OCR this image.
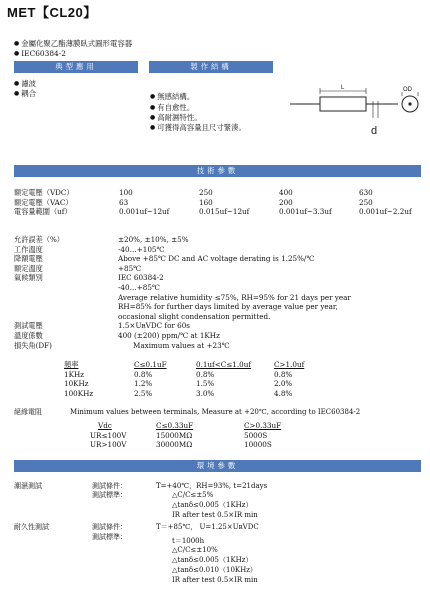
MET【CL20】
● 金屬化聚乙酯薄膜臥式圓形電容器
● IEC60384-2
典型應用	製作結構
● 濾波
● 耦合	● 無感結構。
● 有自愈性。
● 高耐濕特性。
● 可獲得高容量且尺寸緊湊。
L
d
OD
技術參數
額定電壓（VDC）	100	250	400	630
額定電壓（VAC）	63	160	200	250
電容量範圍（uf）	0.001uf~12uf	0.015uf~12uf	0.001uf~3.3uf	0.001uf~2.2uf
允許誤差（%）	±20%, ±10%, ±5%
工作溫度	-40…+105℃
降額電壓	Above +85℃ DC and AC voltage derating is 1.25%/℃
額定溫度	+85℃
氣候類別	IEC 60384-2
	-40…+85℃
	Average relative humidity ≤75%, RH=95% for 21 days per year
	RH=85% for further days limited by average value per year,
	occasional slight condensation permitted.
測試電壓	1.5×UʀVDC for 60s
溫度係數	400 (±200) ppm/℃ at 1KHz
損失角(DF)	Maximum values at +23℃
頻率	C≤0.1uF	0.1uf<C≤1.0uf	C>1.0uf
1KHz	0.8%	0.8%	0.8%
10KHz	1.2%	1.5%	2.0%
100KHz	2.5%	3.0%	4.8%
絕緣電阻	Minimum values between terminals, Measure at +20℃, according to IEC60384-2
Vdc	C≤0.33uF	C>0.33uF
UR≤100V	15000MΩ	5000S
UR>100V	30000MΩ	10000S
環境參數
潮濕測試	測試條件：	T=+40℃，RH=93%, t=21days
測試標準：	△C/C≤±5%
△tanδ≤0.005（1KHz）
IR after test 0.5×IR min
耐久性測試	測試條件：	T＝+85℃， U=1.25×UʀVDC
測試標準：	t＝1000h
△C/C≤±10%
△tanδ≤0.005（1KHz）
△tanδ≤0.010（10KHz）
IR after test 0.5×IR min
